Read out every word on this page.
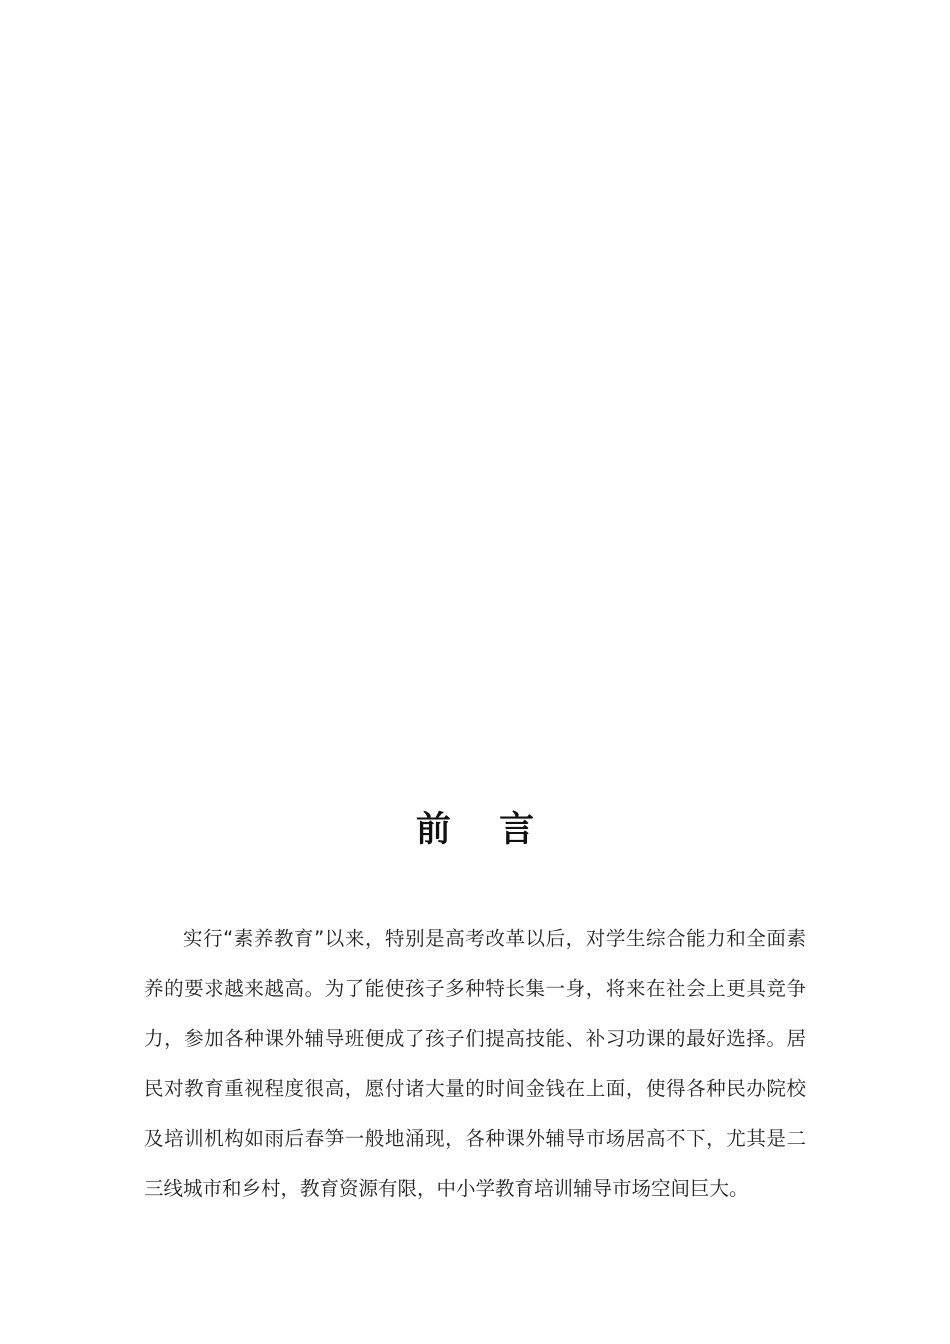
前 言

实行“素养教育”以来，特别是高考改革以后，对学生综合能力和全面素养的要求越来越高。为了能使孩子多种特长集一身，将来在社会上更具竞争力，参加各种课外辅导班便成了孩子们提高技能、补习功课的最好选择。居民对教育重视程度很高，愿付诸大量的时间金钱在上面，使得各种民办院校及培训机构如雨后春笋一般地涌现，各种课外辅导市场居高不下，尤其是二三线城市和乡村，教育资源有限，中小学教育培训辅导市场空间巨大。
